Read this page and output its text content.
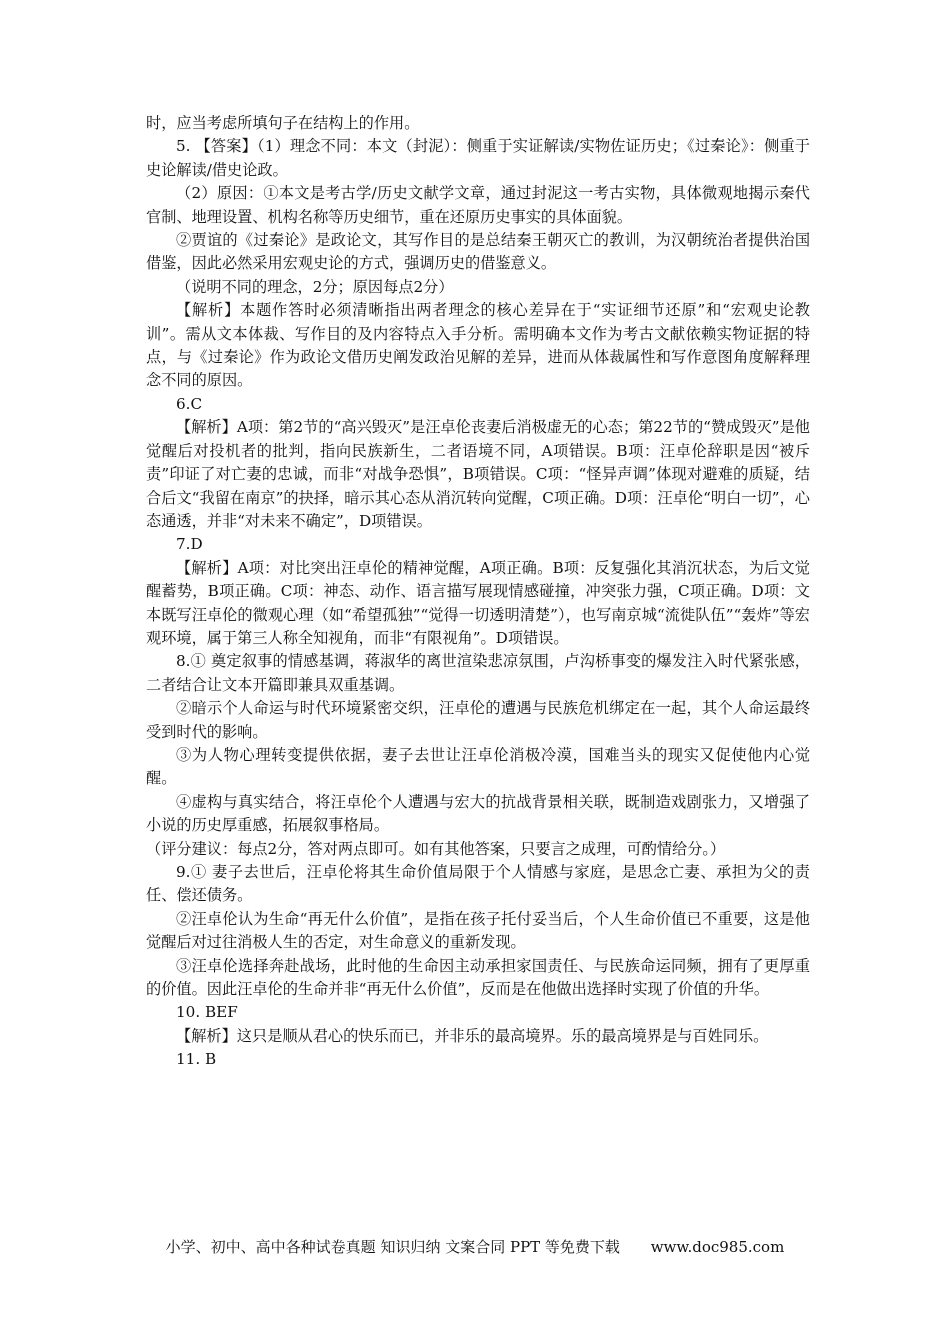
时，应当考虑所填句子在结构上的作用。

5. 【答案】（1）理念不同：本文（封泥）：侧重于实证解读/实物佐证历史；《过秦论》：侧重于史论解读/借史论政。

（2）原因：①本文是考古学/历史文献学文章，通过封泥这一考古实物，具体微观地揭示秦代官制、地理设置、机构名称等历史细节，重在还原历史事实的具体面貌。

②贾谊的《过秦论》是政论文，其写作目的是总结秦王朝灭亡的教训，为汉朝统治者提供治国借鉴，因此必然采用宏观史论的方式，强调历史的借鉴意义。

（说明不同的理念，2分；原因每点2分）

【解析】本题作答时必须清晰指出两者理念的核心差异在于“实证细节还原”和“宏观史论教训”。需从文本体裁、写作目的及内容特点入手分析。需明确本文作为考古文献依赖实物证据的特点，与《过秦论》作为政论文借历史阐发政治见解的差异，进而从体裁属性和写作意图角度解释理念不同的原因。

6.C

【解析】A项：第2节的“高兴毁灭”是汪卓伦丧妻后消极虚无的心态；第22节的“赞成毁灭”是他觉醒后对投机者的批判，指向民族新生，二者语境不同，A项错误。B项：汪卓伦辞职是因“被斥责”印证了对亡妻的忠诚，而非“对战争恐惧”，B项错误。C项：“怪异声调”体现对避难的质疑，结合后文“我留在南京”的抉择，暗示其心态从消沉转向觉醒，C项正确。D项：汪卓伦“明白一切”，心态通透，并非“对未来不确定”，D项错误。

7.D

【解析】A项：对比突出汪卓伦的精神觉醒，A项正确。B项：反复强化其消沉状态，为后文觉醒蓄势，B项正确。C项：神态、动作、语言描写展现情感碰撞，冲突张力强，C项正确。D项：文本既写汪卓伦的微观心理（如“希望孤独”“觉得一切透明清楚”），也写南京城“流徙队伍”“轰炸”等宏观环境，属于第三人称全知视角，而非“有限视角”。D项错误。

8.① 奠定叙事的情感基调，蒋淑华的离世渲染悲凉氛围，卢沟桥事变的爆发注入时代紧张感，二者结合让文本开篇即兼具双重基调。

②暗示个人命运与时代环境紧密交织，汪卓伦的遭遇与民族危机绑定在一起，其个人命运最终受到时代的影响。

③为人物心理转变提供依据，妻子去世让汪卓伦消极冷漠，国难当头的现实又促使他内心觉醒。

④虚构与真实结合，将汪卓伦个人遭遇与宏大的抗战背景相关联，既制造戏剧张力，又增强了小说的历史厚重感，拓展叙事格局。

（评分建议：每点2分，答对两点即可。如有其他答案，只要言之成理，可酌情给分。）

9.① 妻子去世后，汪卓伦将其生命价值局限于个人情感与家庭，是思念亡妻、承担为父的责任、偿还债务。

②汪卓伦认为生命“再无什么价值”，是指在孩子托付妥当后，个人生命价值已不重要，这是他觉醒后对过往消极人生的否定，对生命意义的重新发现。

③汪卓伦选择奔赴战场，此时他的生命因主动承担家国责任、与民族命运同频，拥有了更厚重的价值。因此汪卓伦的生命并非“再无什么价值”，反而是在他做出选择时实现了价值的升华。

10. BEF

【解析】这只是顺从君心的快乐而已，并非乐的最高境界。乐的最高境界是与百姓同乐。

11. B

小学、初中、高中各种试卷真题 知识归纳 文案合同 PPT 等免费下载 www.doc985.com
